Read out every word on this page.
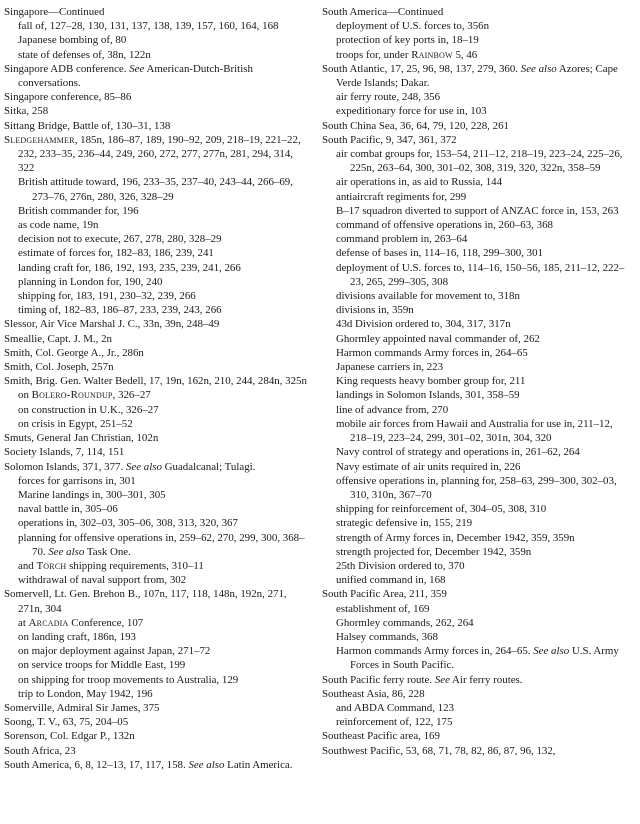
Singapore—Continued

fall of, 127–28, 130, 131, 137, 138, 139, 157, 160, 164, 168

Japanese bombing of, 80

state of defenses of, 38n, 122n

Singapore ADB conference. See American-Dutch-British conversations.

Singapore conference, 85–86

Sitka, 258

Sittang Bridge, Battle of, 130–31, 138

Sledgehammer, 185n, 186–87, 189, 190–92, 209, 218–19, 221–22, 232, 233–35, 236–44, 249, 260, 272, 277, 277n, 281, 294, 314, 322

British attitude toward, 196, 233–35, 237–40, 243–44, 266–69, 273–76, 276n, 280, 326, 328–29

British commander for, 196

as code name, 19n

decision not to execute, 267, 278, 280, 328–29

estimate of forces for, 182–83, 186, 239, 241

landing craft for, 186, 192, 193, 235, 239, 241, 266

planning in London for, 190, 240

shipping for, 183, 191, 230–32, 239, 266

timing of, 182–83, 186–87, 233, 239, 243, 266

Slessor, Air Vice Marshal J. C., 33n, 39n, 248–49

Smeallie, Capt. J. M., 2n

Smith, Col. George A., Jr., 286n

Smith, Col. Joseph, 257n

Smith, Brig. Gen. Walter Bedell, 17, 19n, 162n, 210, 244, 284n, 325n

on Bolero-Roundup, 326–27

on construction in U.K., 326–27

on crisis in Egypt, 251–52

Smuts, General Jan Christian, 102n

Society Islands, 7, 114, 151

Solomon Islands, 371, 377. See also Guadalcanal; Tulagi.

forces for garrisons in, 301

Marine landings in, 300–301, 305

naval battle in, 305–06

operations in, 302–03, 305–06, 308, 313, 320, 367

planning for offensive operations in, 259–62, 270, 299, 300, 368–70. See also Task One.

and Torch shipping requirements, 310–11

withdrawal of naval support from, 302

Somervell, Lt. Gen. Brehon B., 107n, 117, 118, 148n, 192n, 271, 271n, 304

at Arcadia Conference, 107

on landing craft, 186n, 193

on major deployment against Japan, 271–72

on service troops for Middle East, 199

on shipping for troop movements to Australia, 129

trip to London, May 1942, 196

Somerville, Admiral Sir James, 375

Soong, T. V., 63, 75, 204–05

Sorenson, Col. Edgar P., 132n

South Africa, 23

South America, 6, 8, 12–13, 17, 117, 158. See also Latin America.

South America—Continued

deployment of U.S. forces to, 356n

protection of key ports in, 18–19

troops for, under Rainbow 5, 46

South Atlantic, 17, 25, 96, 98, 137, 279, 360. See also Azores; Cape Verde Islands; Dakar.

air ferry route, 248, 356

expeditionary force for use in, 103

South China Sea, 36, 64, 79, 120, 228, 261

South Pacific, 9, 347, 361, 372

air combat groups for, 153–54, 211–12, 218–19, 223–24, 225–26, 225n, 263–64, 300, 301–02, 308, 319, 320, 322n, 358–59

air operations in, as aid to Russia, 144

antiaircraft regiments for, 299

B–17 squadron diverted to support of ANZAC force in, 153, 263

command of offensive operations in, 260–63, 368

command problem in, 263–64

defense of bases in, 114–16, 118, 299–300, 301

deployment of U.S. forces to, 114–16, 150–56, 185, 211–12, 222–23, 265, 299–305, 308

divisions available for movement to, 318n

divisions in, 359n

43d Division ordered to, 304, 317, 317n

Ghormley appointed naval commander of, 262

Harmon commands Army forces in, 264–65

Japanese carriers in, 223

King requests heavy bomber group for, 211

landings in Solomon Islands, 301, 358–59

line of advance from, 270

mobile air forces from Hawaii and Australia for use in, 211–12, 218–19, 223–24, 299, 301–02, 301n, 304, 320

Navy control of strategy and operations in, 261–62, 264

Navy estimate of air units required in, 226

offensive operations in, planning for, 258–63, 299–300, 302–03, 310, 310n, 367–70

shipping for reinforcement of, 304–05, 308, 310

strategic defensive in, 155, 219

strength of Army forces in, December 1942, 359, 359n

strength projected for, December 1942, 359n

25th Division ordered to, 370

unified command in, 168

South Pacific Area, 211, 359

establishment of, 169

Ghormley commands, 262, 264

Halsey commands, 368

Harmon commands Army forces in, 264–65. See also U.S. Army Forces in South Pacific.

South Pacific ferry route. See Air ferry routes.

Southeast Asia, 86, 228

and ABDA Command, 123

reinforcement of, 122, 175

Southeast Pacific area, 169

Southwest Pacific, 53, 68, 71, 78, 82, 86, 87, 96, 132,
